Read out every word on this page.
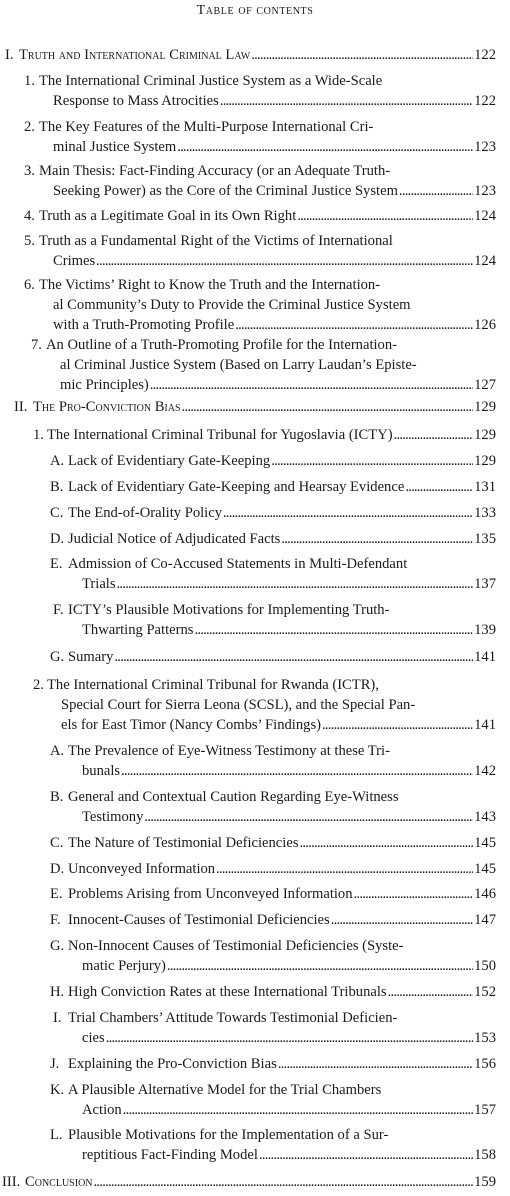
Table of contents
I. Truth and International Criminal Law . . .	122
1. The International Criminal Justice System as a Wide-Scale
Response to Mass Atrocities . . .	122
2. The Key Features of the Multi-Purpose International Cri-
minal Justice System . . .	123
3. Main Thesis: Fact-Finding Accuracy (or an Adequate Truth-
Seeking Power) as the Core of the Criminal Justice System . . .	123
4. Truth as a Legitimate Goal in its Own Right . . .	124
5. Truth as a Fundamental Right of the Victims of International
Crimes . . .	124
6. The Victims’ Right to Know the Truth and the Internation-
al Community’s Duty to Provide the Criminal Justice System
with a Truth-Promoting Profile . . .	126
7. An Outline of a Truth-Promoting Profile for the Internation-
al Criminal Justice System (Based on Larry Laudan’s Episte-
mic Principles) . . .	127
II. The Pro-Conviction Bias . . .	129
1. The International Criminal Tribunal for Yugoslavia (ICTY) . . .	129
A. Lack of Evidentiary Gate-Keeping . . .	129
B. Lack of Evidentiary Gate-Keeping and Hearsay Evidence . . .	131
C. The End-of-Orality Policy . . .	133
D. Judicial Notice of Adjudicated Facts . . .	135
E. Admission of Co-Accused Statements in Multi-Defendant
Trials . . .	137
F. ICTY’s Plausible Motivations for Implementing Truth-
Thwarting Patterns . . .	139
G. Sumary . . .	141
2. The International Criminal Tribunal for Rwanda (ICTR),
Special Court for Sierra Leona (SCSL), and the Special Pan-
els for East Timor (Nancy Combs’ Findings) . . .	141
A. The Prevalence of Eye-Witness Testimony at these Tri-
bunals . . .	142
B. General and Contextual Caution Regarding Eye-Witness
Testimony . . .	143
C. The Nature of Testimonial Deficiencies . . .	145
D. Unconveyed Information . . .	145
E. Problems Arising from Unconveyed Information . . .	146
F. Innocent-Causes of Testimonial Deficiencies . . .	147
G. Non-Innocent Causes of Testimonial Deficiencies (Syste-
matic Perjury) . . .	150
H. High Conviction Rates at these International Tribunals . . .	152
I. Trial Chambers’ Attitude Towards Testimonial Deficien-
cies . . .	153
J. Explaining the Pro-Conviction Bias . . .	156
K. A Plausible Alternative Model for the Trial Chambers
Action . . .	157
L. Plausible Motivations for the Implementation of a Sur-
reptitious Fact-Finding Model . . .	158
III. Conclusion . . .	159
